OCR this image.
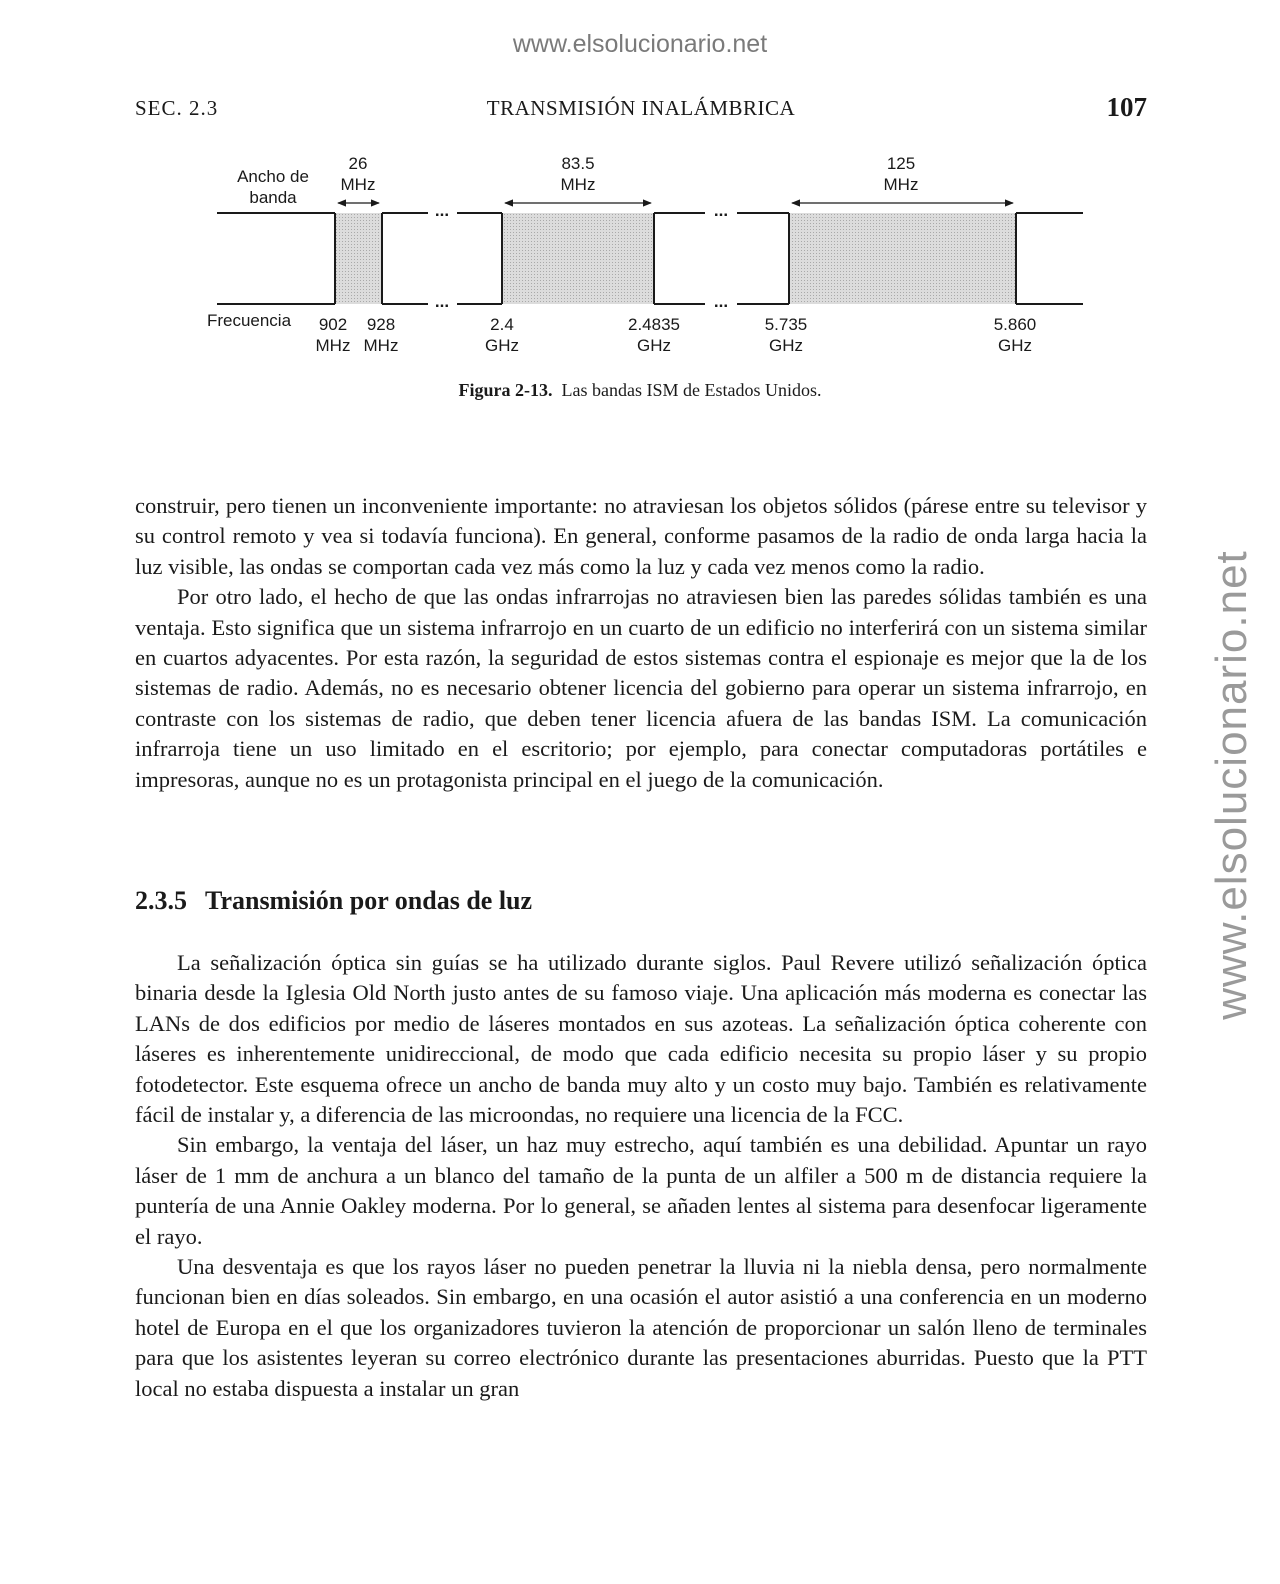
www.elsolucionario.net
www.elsolucionario.net
SEC. 2.3	TRANSMISIÓN INALÁMBRICA	107
Ancho de
banda
Frecuencia
...	...
...	...
26
MHz
83.5
MHz
125
MHz
902
MHz
928
MHz
2.4
GHz
2.4835
GHz
5.735
GHz
5.860
GHz
Figura 2-13. Las bandas ISM de Estados Unidos.

construir, pero tienen un inconveniente importante: no atraviesan los objetos sólidos (párese entre su televisor y su control remoto y vea si todavía funciona). En general, conforme pasamos de la radio de onda larga hacia la luz visible, las ondas se comportan cada vez más como la luz y cada vez menos como la radio.

Por otro lado, el hecho de que las ondas infrarrojas no atraviesen bien las paredes sólidas también es una ventaja. Esto significa que un sistema infrarrojo en un cuarto de un edificio no interferirá con un sistema similar en cuartos adyacentes. Por esta razón, la seguridad de estos sistemas contra el espionaje es mejor que la de los sistemas de radio. Además, no es necesario obtener licencia del gobierno para operar un sistema infrarrojo, en contraste con los sistemas de radio, que deben tener licencia afuera de las bandas ISM. La comunicación infrarroja tiene un uso limitado en el escritorio; por ejemplo, para conectar computadoras portátiles e impresoras, aunque no es un protagonista principal en el juego de la comunicación.

2.3.5 Transmisión por ondas de luz

La señalización óptica sin guías se ha utilizado durante siglos. Paul Revere utilizó señalización óptica binaria desde la Iglesia Old North justo antes de su famoso viaje. Una aplicación más moderna es conectar las LANs de dos edificios por medio de láseres montados en sus azoteas. La señalización óptica coherente con láseres es inherentemente unidireccional, de modo que cada edificio necesita su propio láser y su propio fotodetector. Este esquema ofrece un ancho de banda muy alto y un costo muy bajo. También es relativamente fácil de instalar y, a diferencia de las microondas, no requiere una licencia de la FCC.

Sin embargo, la ventaja del láser, un haz muy estrecho, aquí también es una debilidad. Apuntar un rayo láser de 1 mm de anchura a un blanco del tamaño de la punta de un alfiler a 500 m de distancia requiere la puntería de una Annie Oakley moderna. Por lo general, se añaden lentes al sistema para desenfocar ligeramente el rayo.

Una desventaja es que los rayos láser no pueden penetrar la lluvia ni la niebla densa, pero normalmente funcionan bien en días soleados. Sin embargo, en una ocasión el autor asistió a una conferencia en un moderno hotel de Europa en el que los organizadores tuvieron la atención de proporcionar un salón lleno de terminales para que los asistentes leyeran su correo electrónico durante las presentaciones aburridas. Puesto que la PTT local no estaba dispuesta a instalar un gran
